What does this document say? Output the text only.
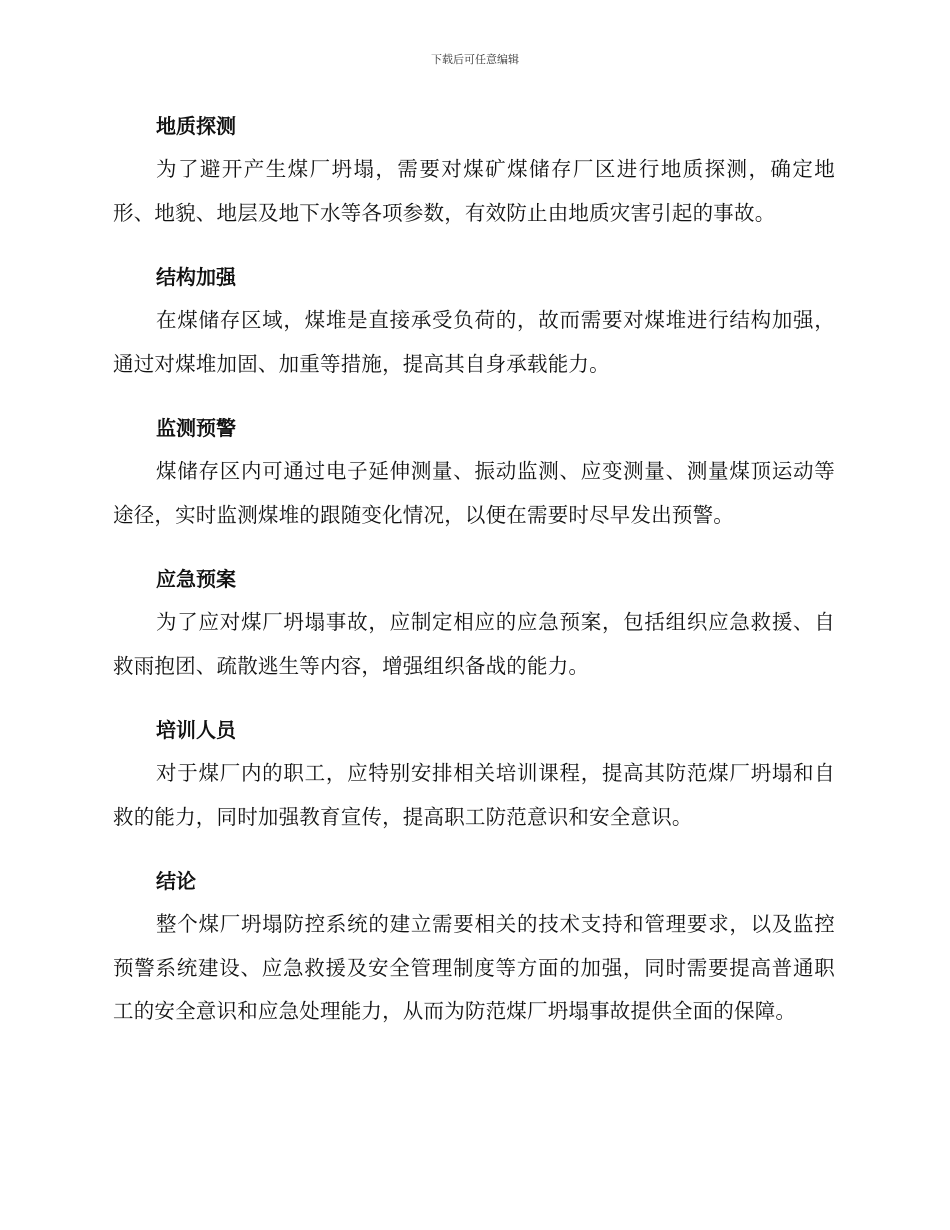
下载后可任意编辑
地质探测

为了避开产生煤厂坍塌，需要对煤矿煤储存厂区进行地质探测，确定地形、地貌、地层及地下水等各项参数，有效防止由地质灾害引起的事故。

结构加强

在煤储存区域，煤堆是直接承受负荷的，故而需要对煤堆进行结构加强，通过对煤堆加固、加重等措施，提高其自身承载能力。

监测预警

煤储存区内可通过电子延伸测量、振动监测、应变测量、测量煤顶运动等途径，实时监测煤堆的跟随变化情况，以便在需要时尽早发出预警。

应急预案

为了应对煤厂坍塌事故，应制定相应的应急预案，包括组织应急救援、自救雨抱团、疏散逃生等内容，增强组织备战的能力。

培训人员

对于煤厂内的职工，应特别安排相关培训课程，提高其防范煤厂坍塌和自救的能力，同时加强教育宣传，提高职工防范意识和安全意识。

结论

整个煤厂坍塌防控系统的建立需要相关的技术支持和管理要求，以及监控预警系统建设、应急救援及安全管理制度等方面的加强，同时需要提高普通职工的安全意识和应急处理能力，从而为防范煤厂坍塌事故提供全面的保障。
